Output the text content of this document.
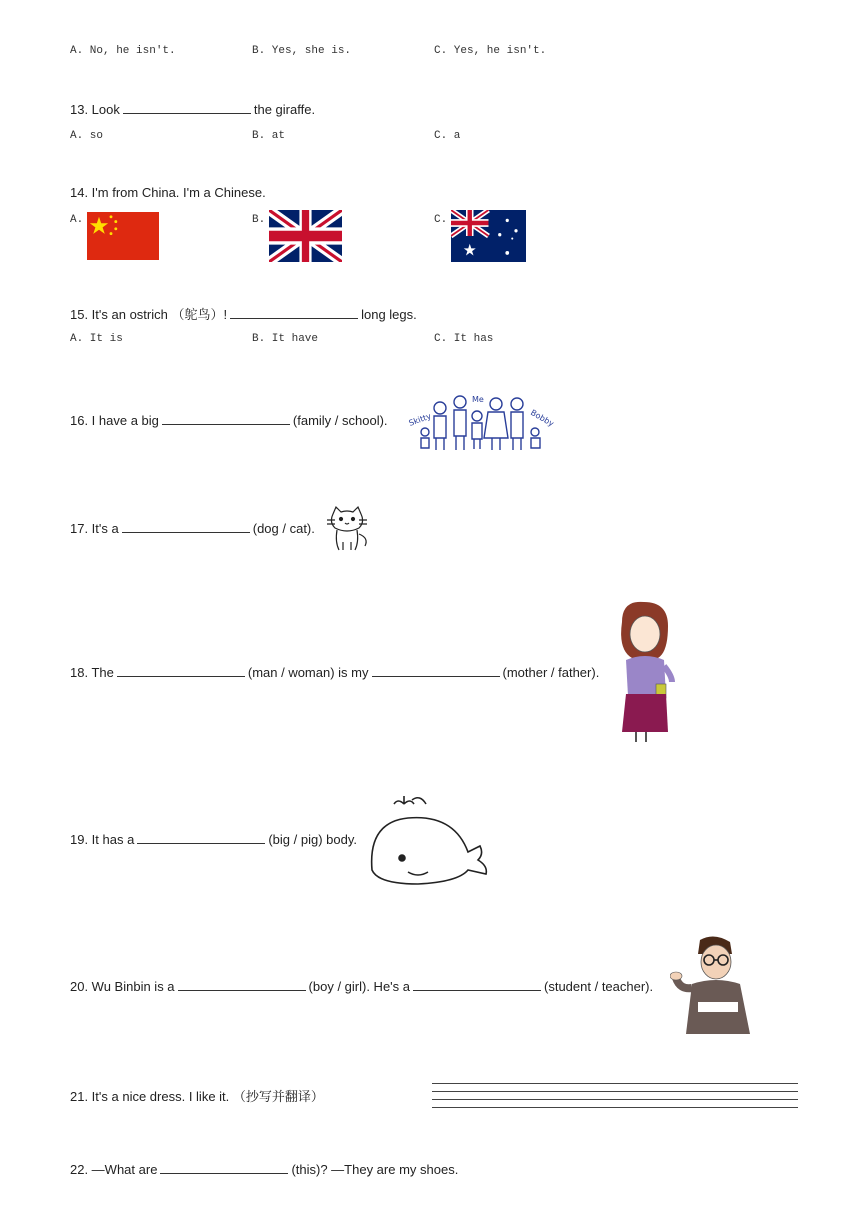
A. No, he isn't.	B. Yes, she is.	C. Yes, he isn't.
13. Look	the giraffe.
A. so	B. at	C. a
14. I'm from China. I'm a Chinese.
A.	B.	C.
15. It's an ostrich （鸵鸟）!	long legs.
A. It is	B. It have	C. It has
16. I have a big	(family / school).	Skitty
Me
Bobby
17. It's a	(dog / cat).
18. The	(man / woman) is my	(mother / father).
19. It has a	(big / pig) body.
20. Wu Binbin is a	(boy / girl). He's a	(student / teacher).
21. It's a nice dress. I like it. （抄写并翻译）
22. —What are	(this)? —They are my shoes.
